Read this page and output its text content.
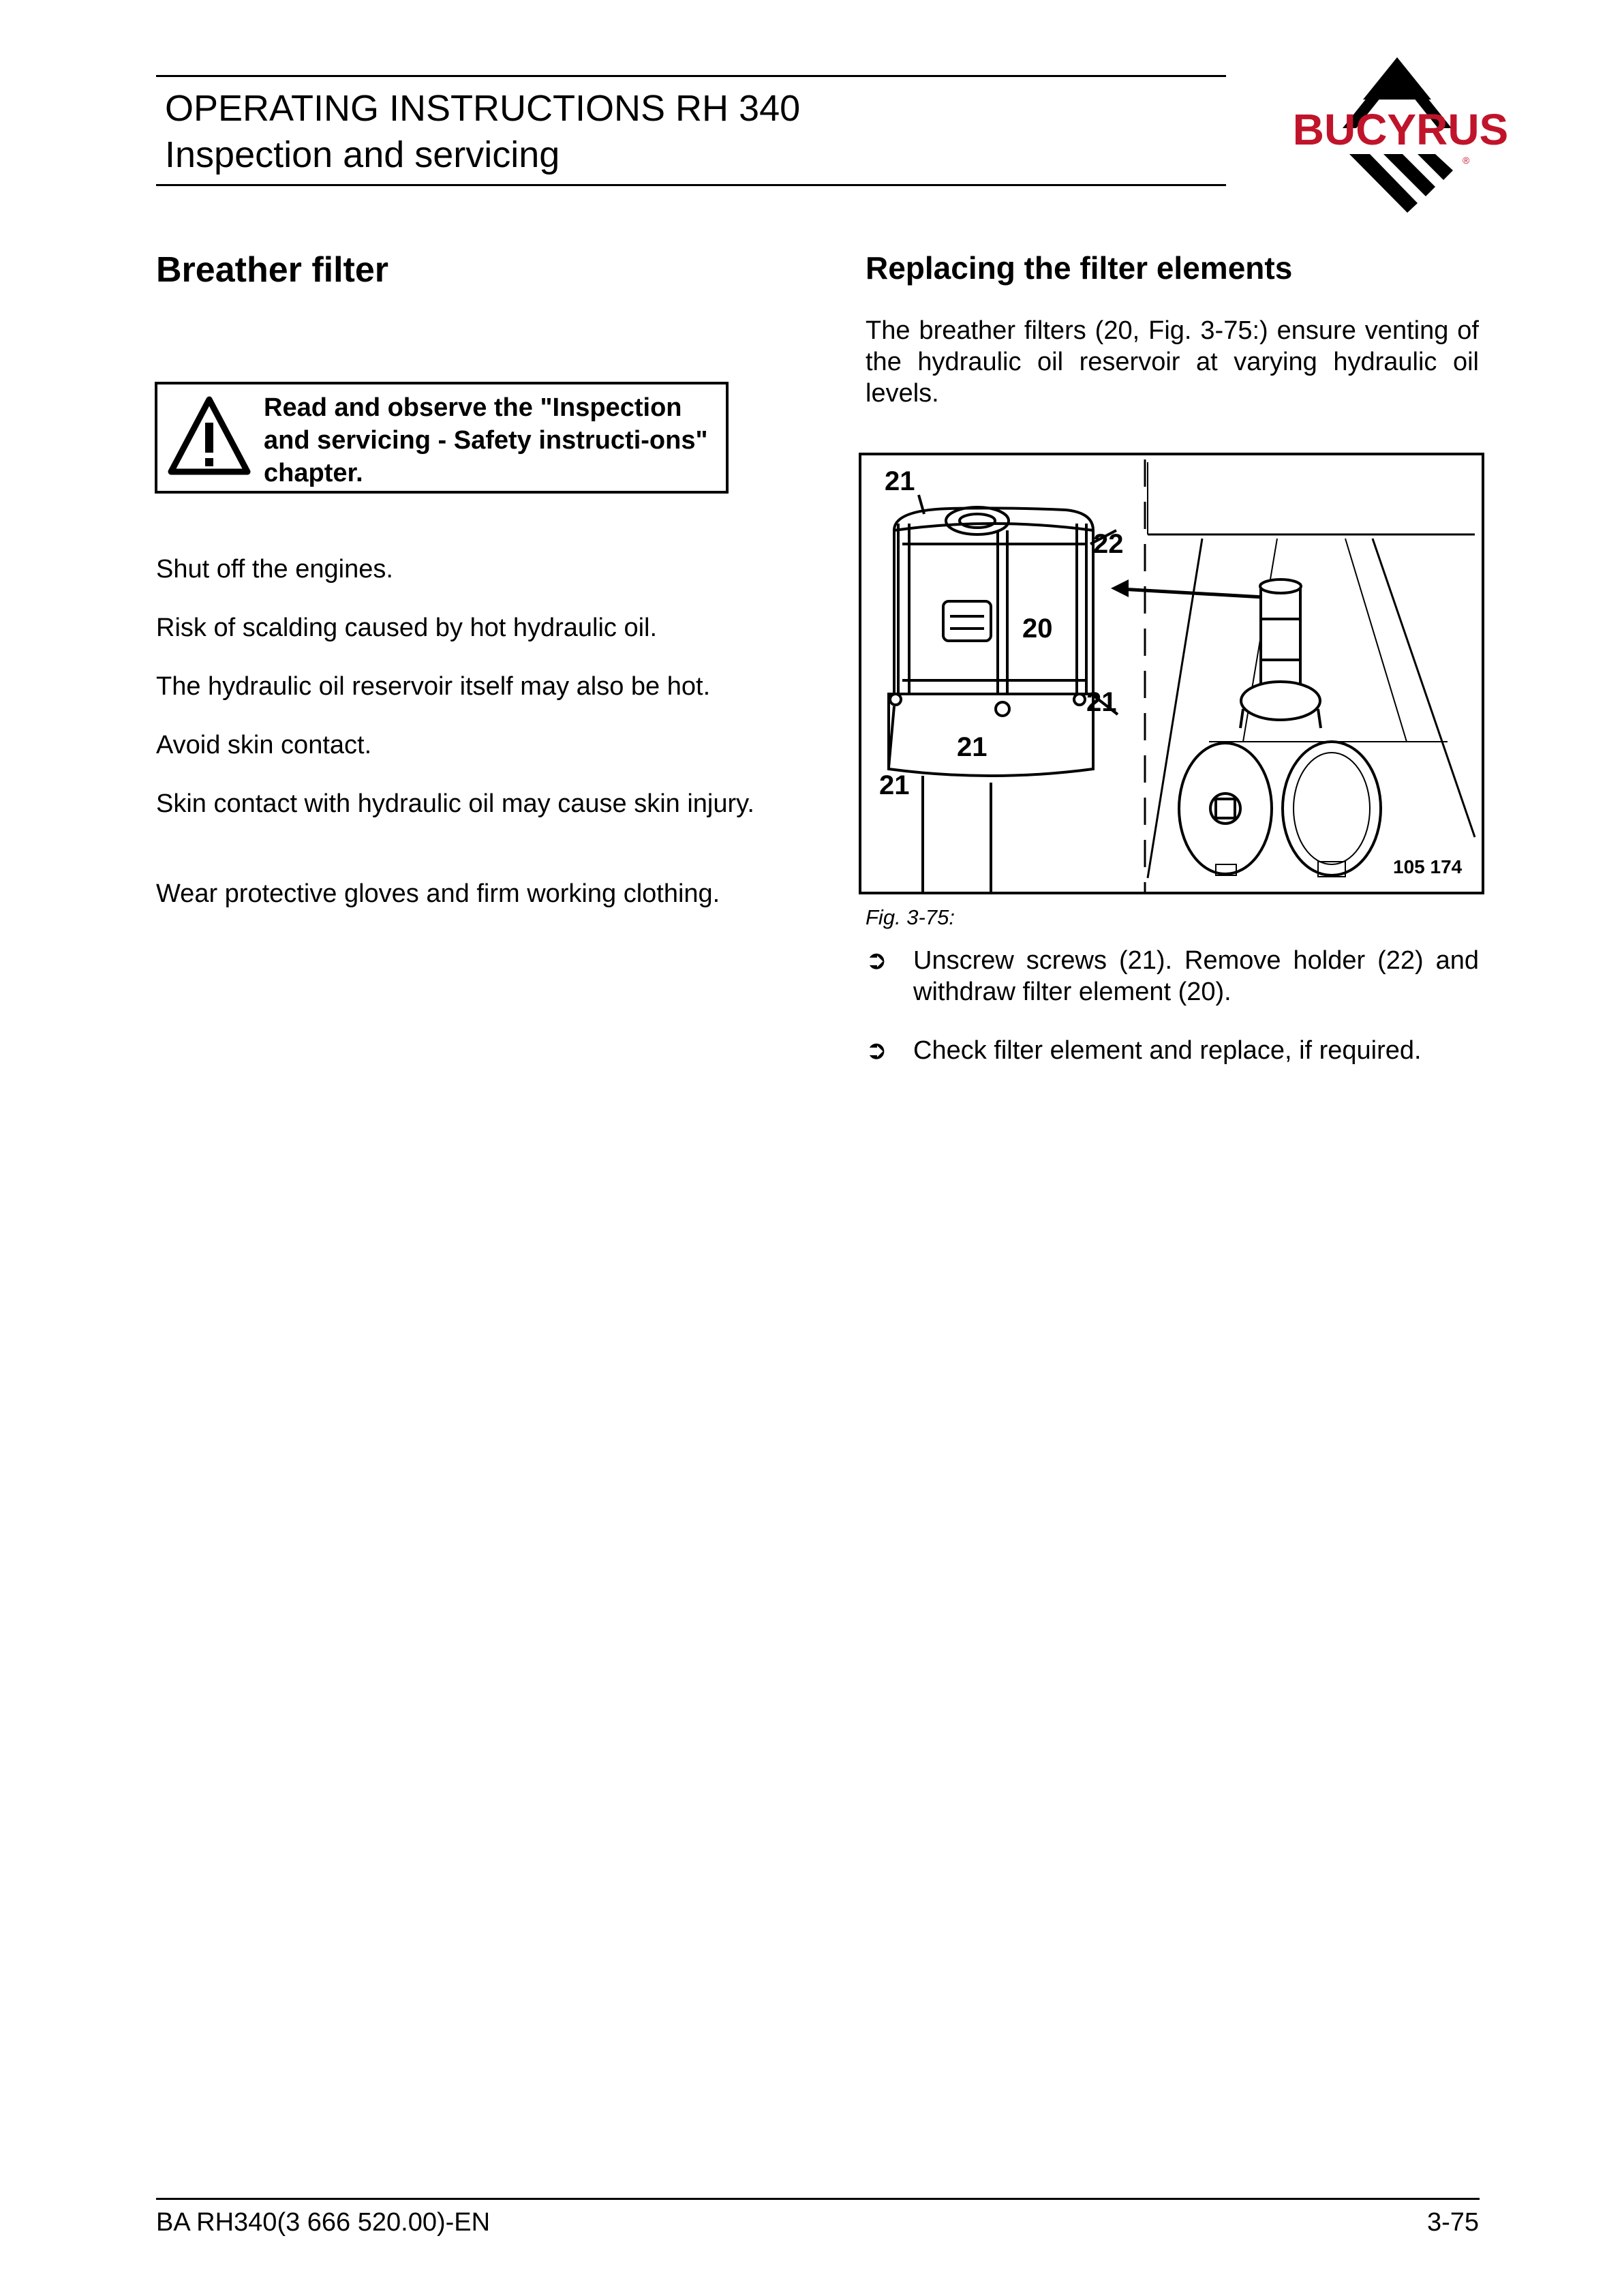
OPERATING INSTRUCTIONS RH 340
Inspection and servicing
BUCYRUS
®
Breather filter
Read and observe the "Inspection and servicing - Safety instructi-ons" chapter.
Shut off the engines.
Risk of scalding caused by hot hydraulic oil.
The hydraulic oil reservoir itself may also be hot.
Avoid skin contact.
Skin contact with hydraulic oil may cause skin injury.
Wear protective gloves and firm working clothing.
Replacing the filter elements
The breather filters (20, Fig. 3-75:) ensure venting of the hydraulic oil reservoir at varying hydraulic oil levels.
21
22
20
21
21
21
105 174
Fig. 3-75:
➲	Unscrew screws (21). Remove holder (22) and withdraw filter element (20).
➲	Check filter element and replace, if required.
BA RH340(3 666 520.00)-EN	3-75
